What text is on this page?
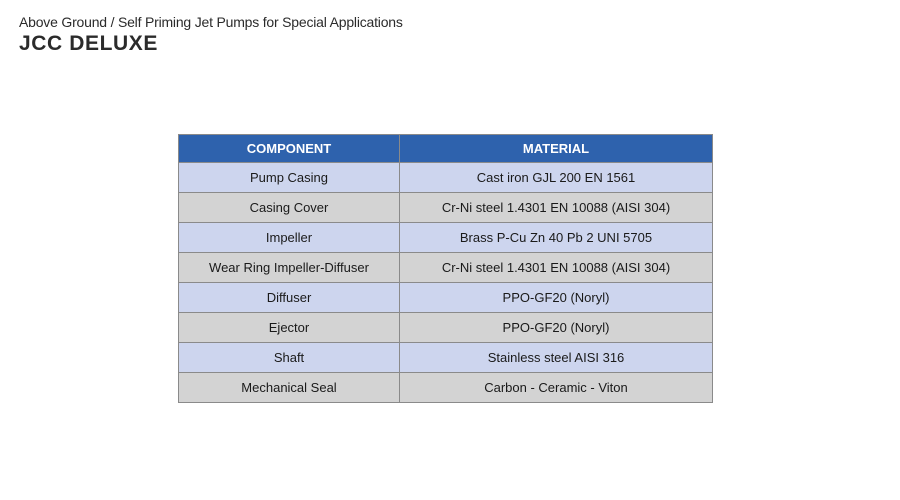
Above Ground / Self Priming Jet Pumps for Special Applications
JCC DELUXE
COMPONENT	MATERIAL
Pump Casing	Cast iron GJL 200 EN 1561
Casing Cover	Cr-Ni steel 1.4301 EN 10088 (AISI 304)
Impeller	Brass P-Cu Zn 40 Pb 2 UNI 5705
Wear Ring Impeller-Diffuser	Cr-Ni steel 1.4301 EN 10088 (AISI 304)
Diffuser	PPO-GF20 (Noryl)
Ejector	PPO-GF20 (Noryl)
Shaft	Stainless steel AISI 316
Mechanical Seal	Carbon - Ceramic - Viton
